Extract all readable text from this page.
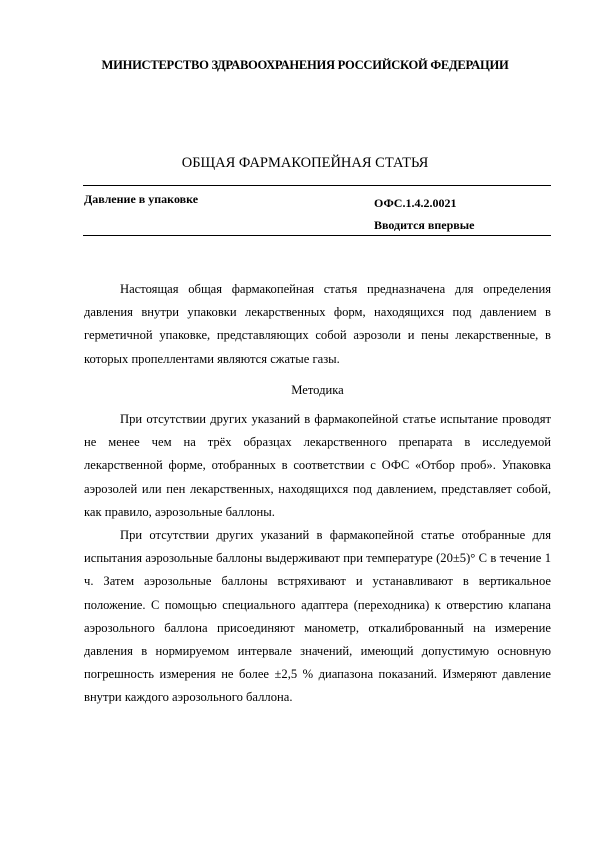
МИНИСТЕРСТВО ЗДРАВООХРАНЕНИЯ РОССИЙСКОЙ ФЕДЕРАЦИИ
ОБЩАЯ ФАРМАКОПЕЙНАЯ СТАТЬЯ
Давление в упаковке	ОФС.1.4.2.0021
Вводится впервые

Настоящая общая фармакопейная статья предназначена для определения давления внутри упаковки лекарственных форм, находящихся под давлением в герметичной упаковке, представляющих собой аэрозоли и пены лекарственные, в которых пропеллентами являются сжатые газы.

Методика

При отсутствии других указаний в фармакопейной статье испытание проводят не менее чем на трёх образцах лекарственного препарата в исследуемой лекарственной форме, отобранных в соответствии с ОФС «Отбор проб». Упаковка аэрозолей или пен лекарственных, находящихся под давлением, представляет собой, как правило, аэрозольные баллоны.

При отсутствии других указаний в фармакопейной статье отобранные для испытания аэрозольные баллоны выдерживают при температуре (20±5)° С в течение 1 ч. Затем аэрозольные баллоны встряхивают и устанавливают в вертикальное положение. С помощью специального адаптера (переходника) к отверстию клапана аэрозольного баллона присоединяют манометр, откалиброванный на измерение давления в нормируемом интервале значений, имеющий допустимую основную погрешность измерения не более ±2,5 % диапазона показаний. Измеряют давление внутри каждого аэрозольного баллона.
